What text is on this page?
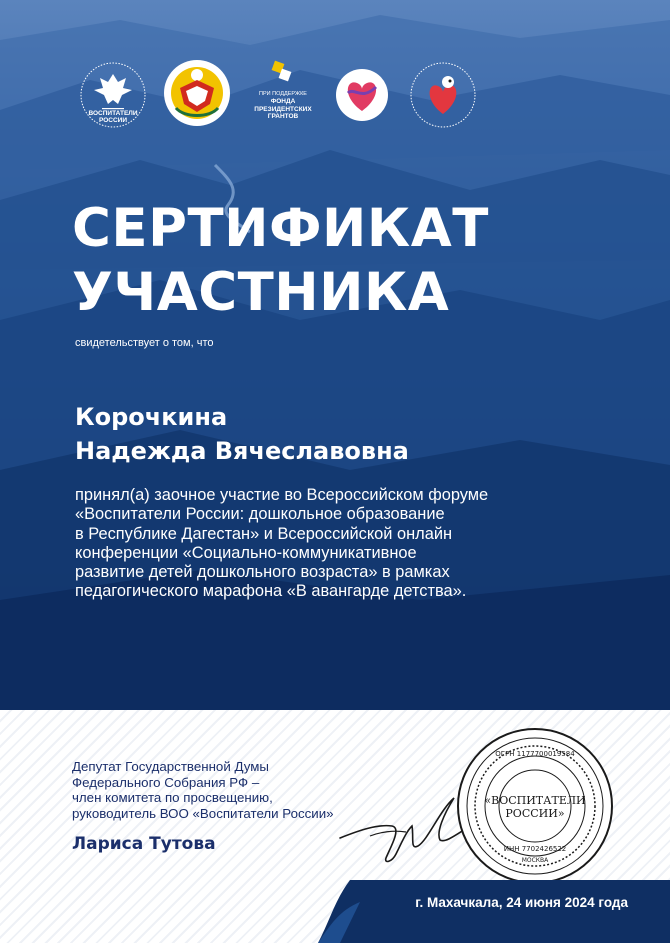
ВОСПИТАТЕЛИ
РОССИИ
ПРИ ПОДДЕРЖКЕ
ФОНДА
ПРЕЗИДЕНТСКИХ
ГРАНТОВ
СЕРТИФИКАТ
УЧАСТНИКА
свидетельствует о том, что
Корочкина
Надежда Вячеславовна
принял(а) заочное участие во Всероссийском форуме
«Воспитатели России: дошкольное образование
в Республике Дагестан» и Всероссийской онлайн
конференции «Социально-коммуникативное
развитие детей дошкольного возраста» в рамках
педагогического марафона «В авангарде детства».
Депутат Государственной Думы
Федерального Собрания РФ –
член комитета по просвещению,
руководитель ВОО «Воспитатели России»
Лариса Тутова
«ВОСПИТАТЕЛИ
РОССИИ»
ОГРН 1177700019584
ИНН 7702426522
МОСКВА
г. Махачкала, 24 июня 2024 года
